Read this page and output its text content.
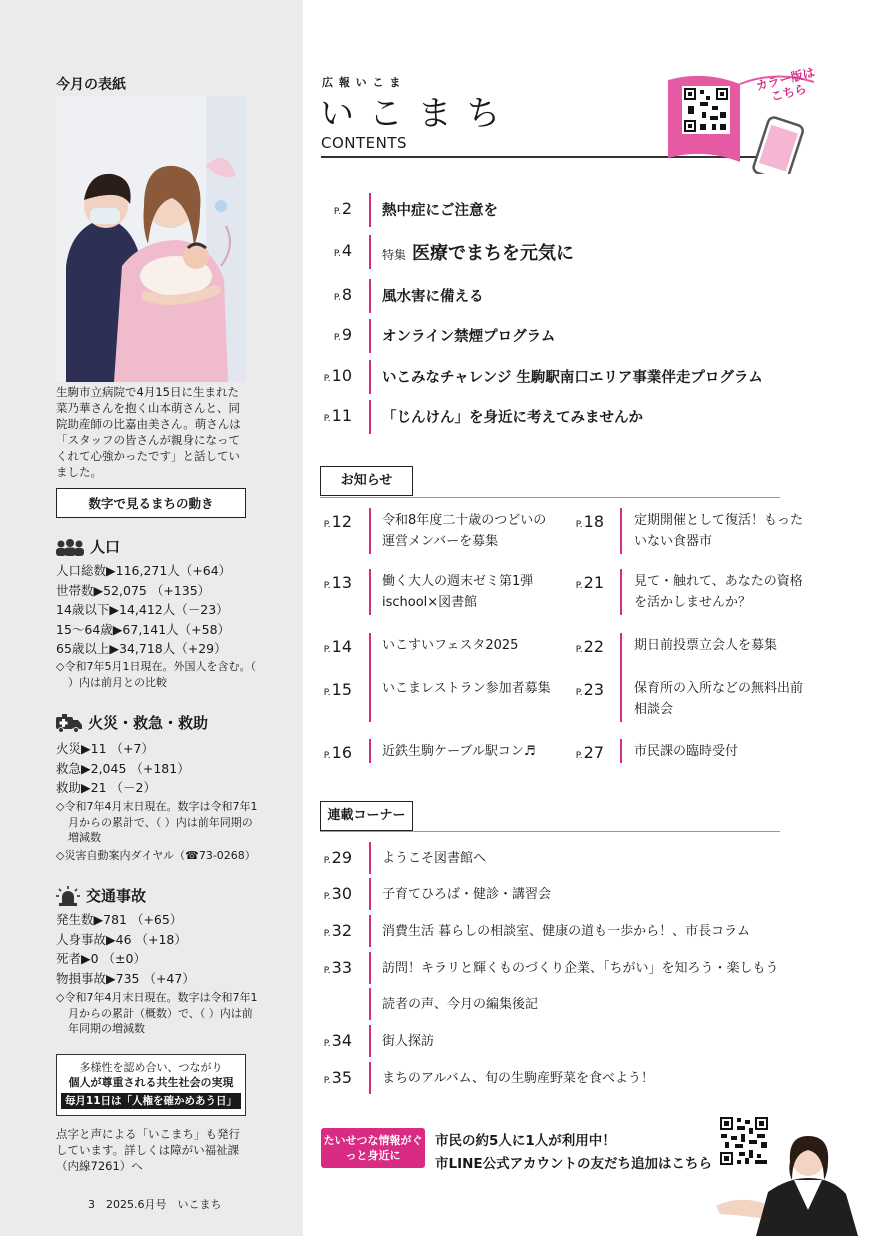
今月の表紙
生駒市立病院で4月15日に生まれた菜乃華さんを抱く山本萌さんと、同院助産師の比嘉由美さん。萌さんは「スタッフの皆さんが親身になってくれて心強かったです」と話していました。
数字で見るまちの動き
人口
人口総数▶116,271人（+64）
世帯数▶52,075 （+135）
14歳以下▶14,412人（－23）
15～64歳▶67,141人（+58）
65歳以上▶34,718人（+29）
◇令和7年5月1日現在。外国人を含む。（ ）内は前月との比較
火災・救急・救助
火災▶11 （+7）
救急▶2,045 （+181）
救助▶21 （－2）
◇令和7年4月末日現在。数字は令和7年1月からの累計で、（ ）内は前年同期の増減数
◇災害自動案内ダイヤル（☎73-0268）
交通事故
発生数▶781 （+65）
人身事故▶46 （+18）
死者▶0 （±0）
物損事故▶735 （+47）
◇令和7年4月末日現在。数字は令和7年1月からの累計（概数）で、（ ）内は前年同期の増減数
多様性を認め合い、つながり
個人が尊重される共生社会の実現
毎月11日は「人権を確かめあう日」
点字と声による「いこまち」も発行しています。詳しくは障がい福祉課（内線7261）へ
3　2025.6月号　いこまち
広 報 い こ ま
い こ ま ち
CONTENTS
カラー版はこちら
P.2 熱中症にご注意を
P.4	特集 医療でまちを元気に
P.8 風水害に備える
P.9 オンライン禁煙プログラム
P.10 いこみなチャレンジ 生駒駅南口エリア事業伴走プログラム
P.11 「じんけん」を身近に考えてみませんか
お知らせ
P.12 令和8年度二十歳のつどいの運営メンバーを募集
P.13 働く大人の週末ゼミ第1弾 ischool×図書館
P.14 いこすいフェスタ2025
P.15 いこまレストラン参加者募集
P.16 近鉄生駒ケーブル駅コン♬
P.18 定期開催として復活！もったいない食器市
P.21 見て・触れて、あなたの資格を活かしませんか？
P.22 期日前投票立会人を募集
P.23 保育所の入所などの無料出前相談会
P.27 市民課の臨時受付
連載コーナー
P.29 ようこそ図書館へ
P.30 子育てひろば・健診・講習会
P.32 消費生活 暮らしの相談室、健康の道も一歩から！、市長コラム
P.33 訪問！キラリと輝くものづくり企業、「ちがい」を知ろう・楽しもう
読者の声、今月の編集後記
P.34 街人探訪
P.35 まちのアルバム、旬の生駒産野菜を食べよう！
たいせつな情報がぐっと身近に
市民の約5人に1人が利用中！
市LINE公式アカウントの友だち追加はこちら
